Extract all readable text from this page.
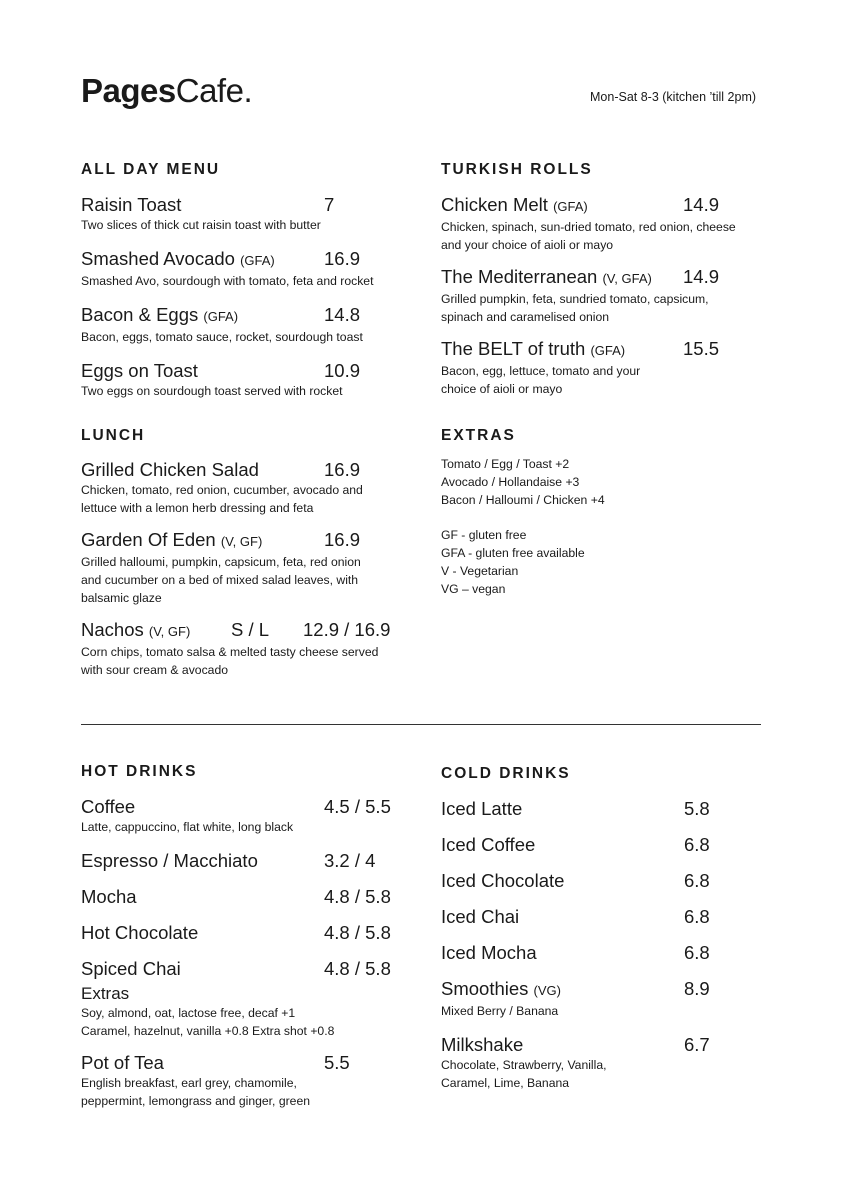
PagesCafe.	Mon-Sat 8-3 (kitchen ’till 2pm)
ALL DAY MENU
Raisin Toast	7
Two slices of thick cut raisin toast with butter
Smashed Avocado (GFA)	16.9
Smashed Avo, sourdough with tomato, feta and rocket
Bacon & Eggs (GFA)	14.8
Bacon, eggs, tomato sauce, rocket, sourdough toast
Eggs on Toast	10.9
Two eggs on sourdough toast served with rocket
LUNCH
Grilled Chicken Salad	16.9
Chicken, tomato, red onion, cucumber, avocado and
lettuce with a lemon herb dressing and feta
Garden Of Eden (V, GF)	16.9
Grilled halloumi, pumpkin, capsicum, feta, red onion
and cucumber on a bed of mixed salad leaves, with
balsamic glaze
Nachos (V, GF)	S / L 12.9 / 16.9
Corn chips, tomato salsa & melted tasty cheese served
with sour cream & avocado
TURKISH ROLLS
Chicken Melt (GFA)	14.9
Chicken, spinach, sun-dried tomato, red onion, cheese
and your choice of aioli or mayo
The Mediterranean (V, GFA)	14.9
Grilled pumpkin, feta, sundried tomato, capsicum,
spinach and caramelised onion
The BELT of truth (GFA)	15.5
Bacon, egg, lettuce, tomato and your
choice of aioli or mayo
EXTRAS
Tomato / Egg / Toast +2
Avocado / Hollandaise +3
Bacon / Halloumi / Chicken +4
GF - gluten free
GFA - gluten free available
V - Vegetarian
VG – vegan
HOT DRINKS
Coffee	4.5 / 5.5
Latte, cappuccino, flat white, long black
Espresso / Macchiato	3.2 / 4
Mocha	4.8 / 5.8
Hot Chocolate	4.8 / 5.8
Spiced Chai	4.8 / 5.8
Extras
Soy, almond, oat, lactose free, decaf +1
Caramel, hazelnut, vanilla +0.8 Extra shot +0.8
Pot of Tea	5.5
English breakfast, earl grey, chamomile,
peppermint, lemongrass and ginger, green
COLD DRINKS
Iced Latte	5.8
Iced Coffee	6.8
Iced Chocolate	6.8
Iced Chai	6.8
Iced Mocha	6.8
Smoothies (VG)	8.9
Mixed Berry / Banana
Milkshake	6.7
Chocolate, Strawberry, Vanilla,
Caramel, Lime, Banana
